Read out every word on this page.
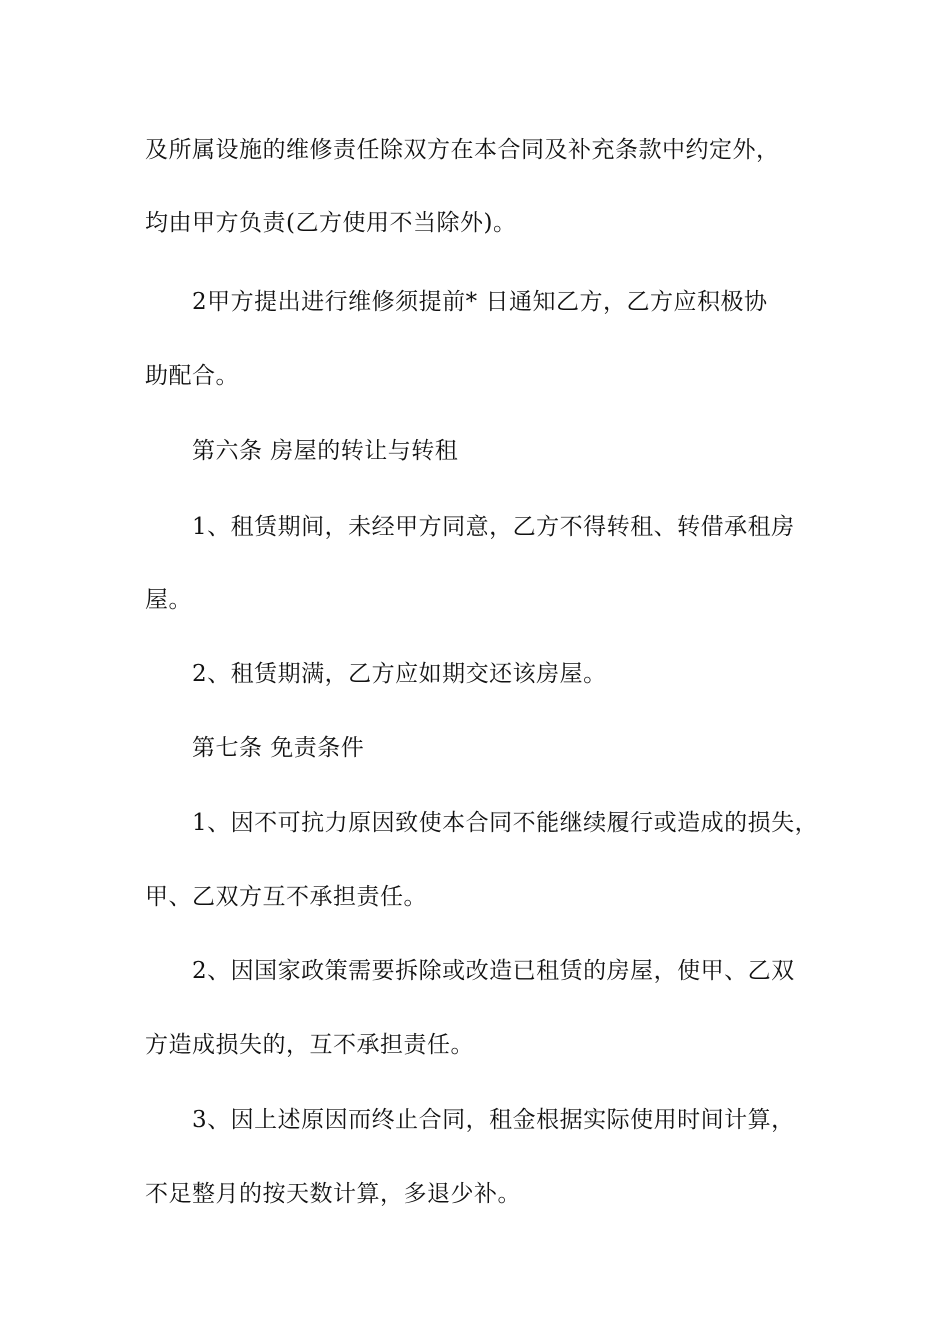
及所属设施的维修责任除双方在本合同及补充条款中约定外，
均由甲方负责(乙方使用不当除外)。
2甲方提出进行维修须提前* 日通知乙方，乙方应积极协
助配合。
第六条 房屋的转让与转租
1、租赁期间，未经甲方同意，乙方不得转租、转借承租房
屋。
2、租赁期满，乙方应如期交还该房屋。
第七条 免责条件
1、因不可抗力原因致使本合同不能继续履行或造成的损失，
甲、乙双方互不承担责任。
2、因国家政策需要拆除或改造已租赁的房屋，使甲、乙双
方造成损失的，互不承担责任。
3、因上述原因而终止合同，租金根据实际使用时间计算，
不足整月的按天数计算，多退少补。
